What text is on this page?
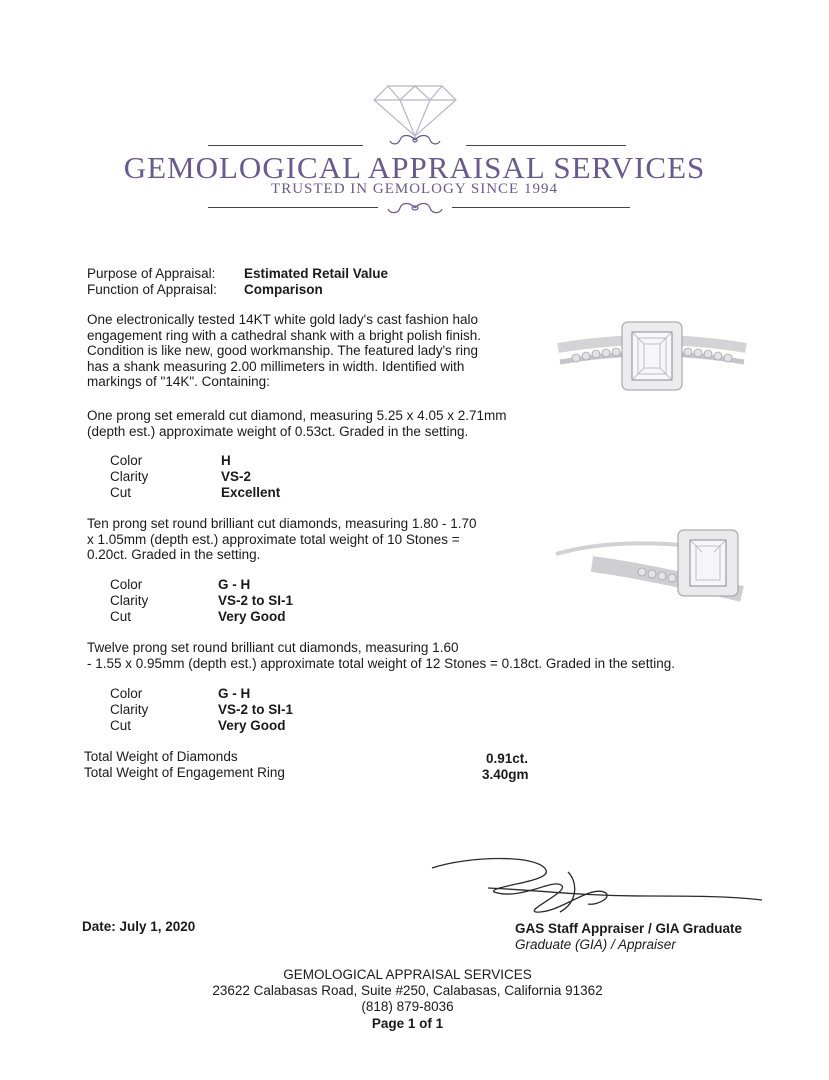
GEMOLOGICAL APPRAISAL SERVICES
TRUSTED IN GEMOLOGY SINCE 1994
Purpose of Appraisal: Estimated Retail Value
Function of Appraisal: Comparison
One electronically tested 14KT white gold lady's cast fashion halo
engagement ring with a cathedral shank with a bright polish finish.
Condition is like new, good workmanship. The featured lady's ring
has a shank measuring 2.00 millimeters in width. Identified with
markings of "14K". Containing:
One prong set emerald cut diamond, measuring 5.25 x 4.05 x 2.71mm
(depth est.) approximate weight of 0.53ct. Graded in the setting.
Color	H
Clarity	VS-2
Cut	Excellent
Ten prong set round brilliant cut diamonds, measuring 1.80 - 1.70
x 1.05mm (depth est.) approximate total weight of 10 Stones =
0.20ct. Graded in the setting.
Color	G - H
Clarity	VS-2 to SI-1
Cut	Very Good
Twelve prong set round brilliant cut diamonds, measuring 1.60
- 1.55 x 0.95mm (depth est.) approximate total weight of 12 Stones = 0.18ct. Graded in the setting.
Color	G - H
Clarity	VS-2 to SI-1
Cut	Very Good
Total Weight of Diamonds	0.91ct.
Total Weight of Engagement Ring	3.40gm
Date: July 1, 2020	GAS Staff Appraiser / GIA Graduate
Graduate (GIA) / Appraiser
GEMOLOGICAL APPRAISAL SERVICES
23622 Calabasas Road, Suite #250, Calabasas, California 91362
(818) 879-8036
Page 1 of 1
